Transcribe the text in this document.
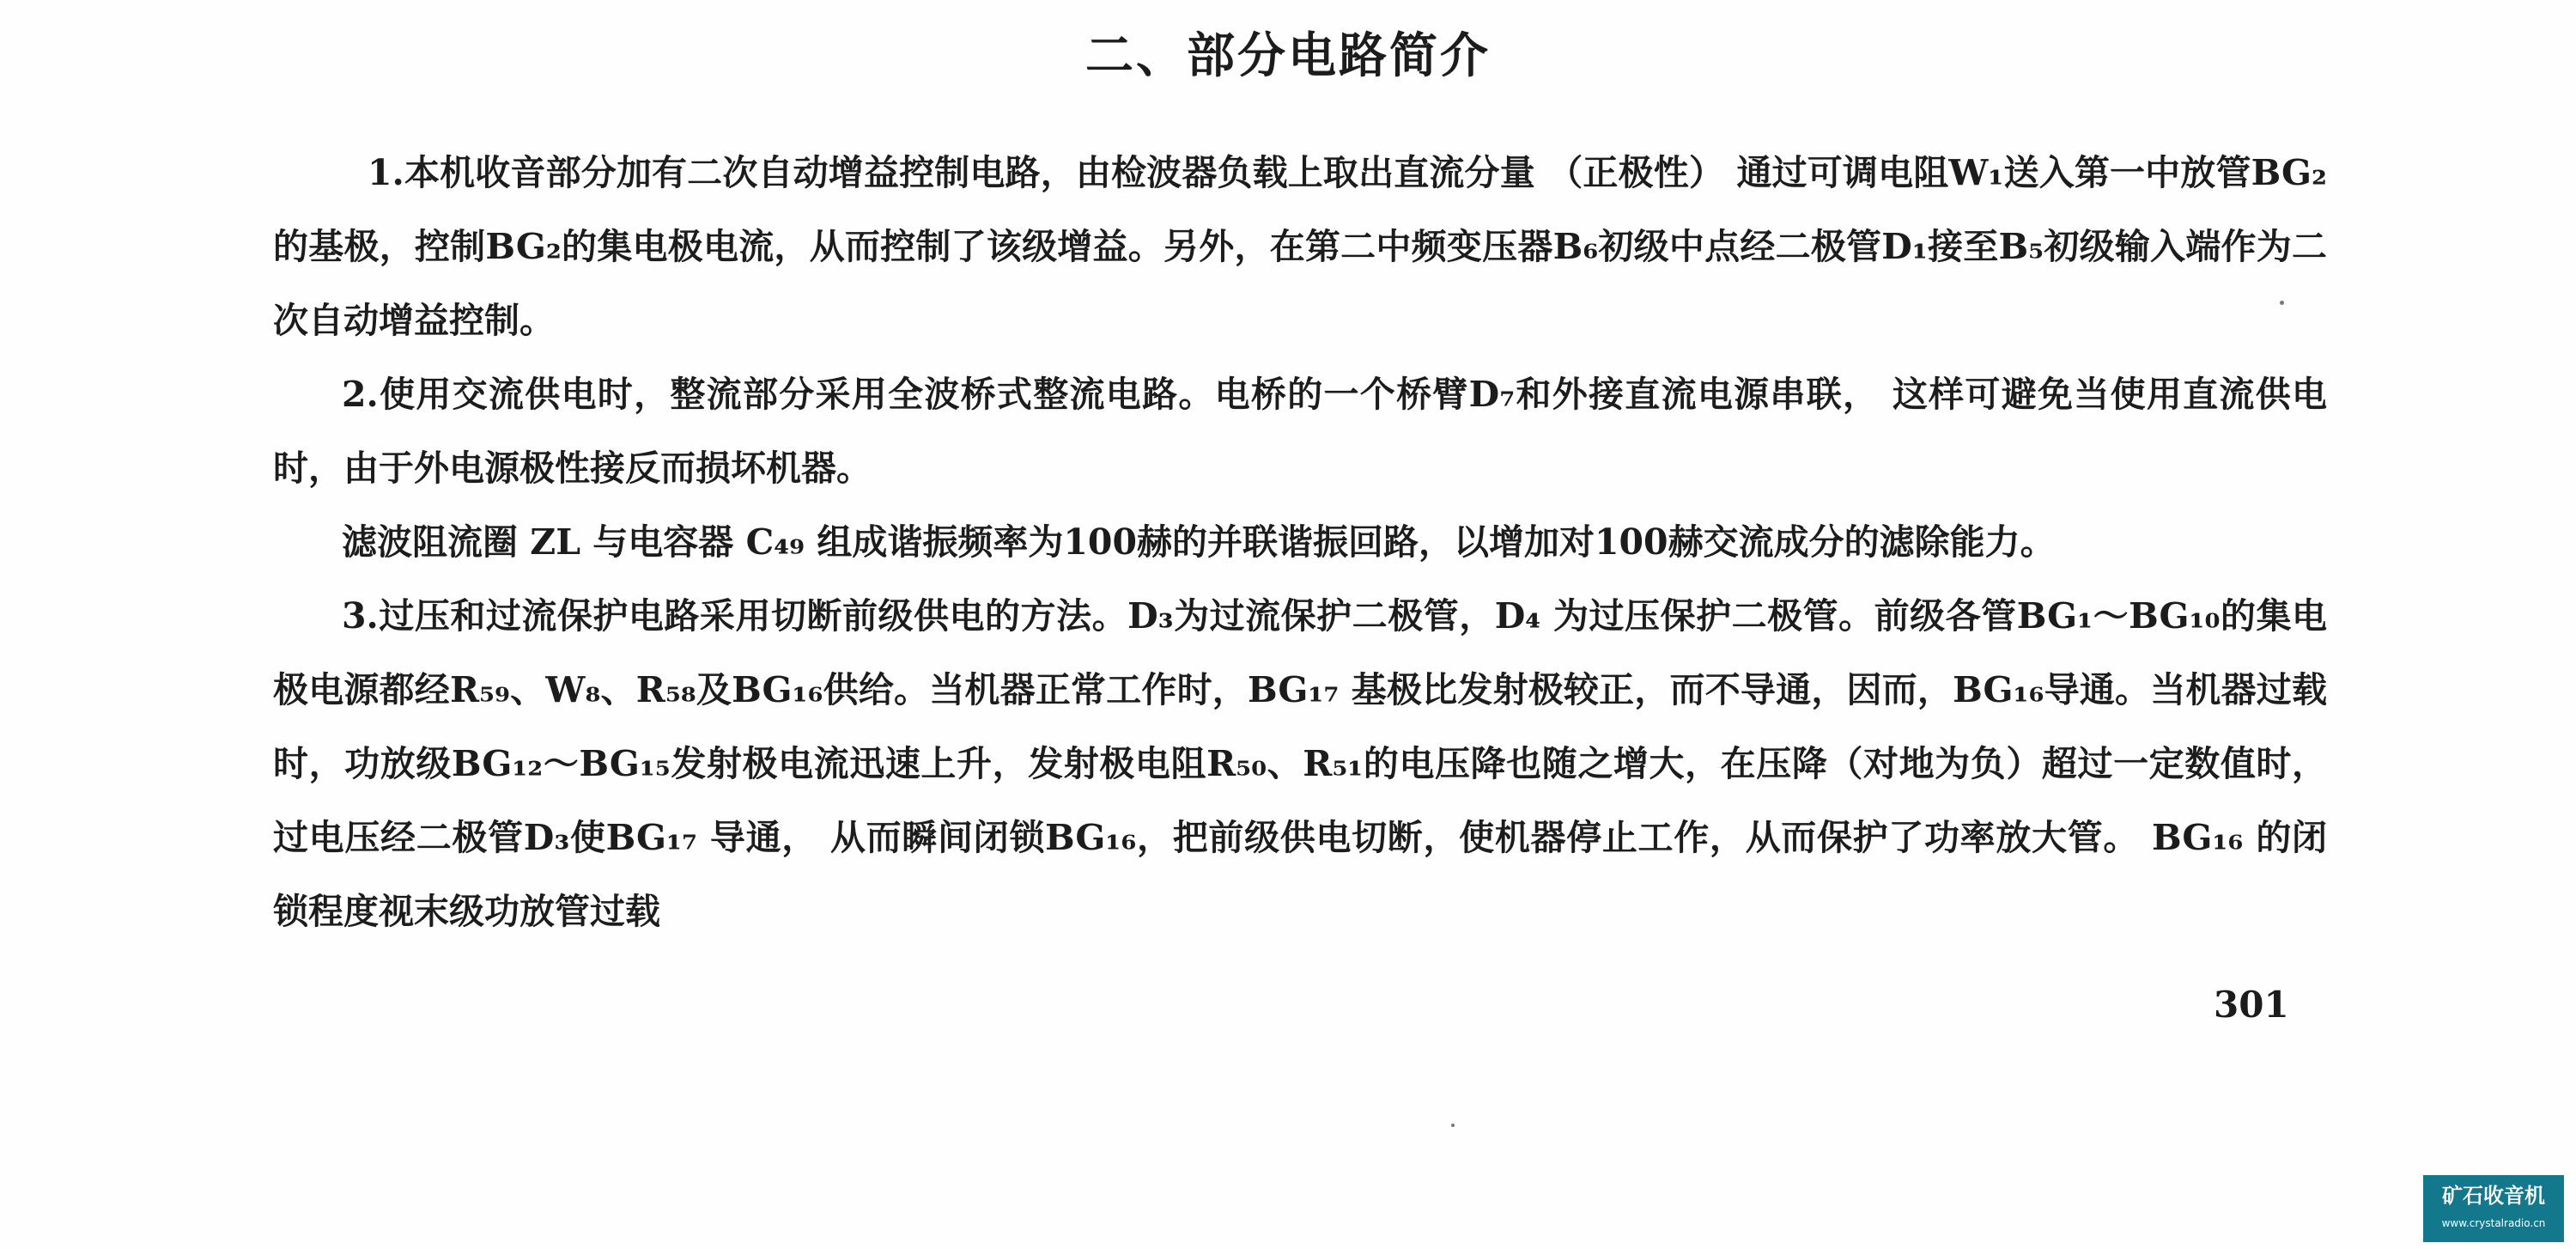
二、部分电路简介

1.本机收音部分加有二次自动增益控制电路，由检波器负载上取出直流分量 （正极性） 通过可调电阻W₁送入第一中放管BG₂的基极，控制BG₂的集电极电流，从而控制了该级增益。另外，在第二中频变压器B₆初级中点经二极管D₁接至B₅初级输入端作为二次自动增益控制。

2.使用交流供电时，整流部分采用全波桥式整流电路。电桥的一个桥臂D₇和外接直流电源串联， 这样可避免当使用直流供电时，由于外电源极性接反而损坏机器。

滤波阻流圈 ZL 与电容器 C₄₉ 组成谐振频率为100赫的并联谐振回路，以增加对100赫交流成分的滤除能力。

3.过压和过流保护电路采用切断前级供电的方法。D₃为过流保护二极管，D₄ 为过压保护二极管。前级各管BG₁～BG₁₀的集电极电源都经R₅₉、W₈、R₅₈及BG₁₆供给。当机器正常工作时，BG₁₇ 基极比发射极较正，而不导通，因而，BG₁₆导通。当机器过载时，功放级BG₁₂～BG₁₅发射极电流迅速上升，发射极电阻R₅₀、R₅₁的电压降也随之增大，在压降（对地为负）超过一定数值时，过电压经二极管D₃使BG₁₇ 导通， 从而瞬间闭锁BG₁₆，把前级供电切断，使机器停止工作，从而保护了功率放大管。 BG₁₆ 的闭锁程度视末级功放管过载

301
矿石收音机
www.crystalradio.cn
